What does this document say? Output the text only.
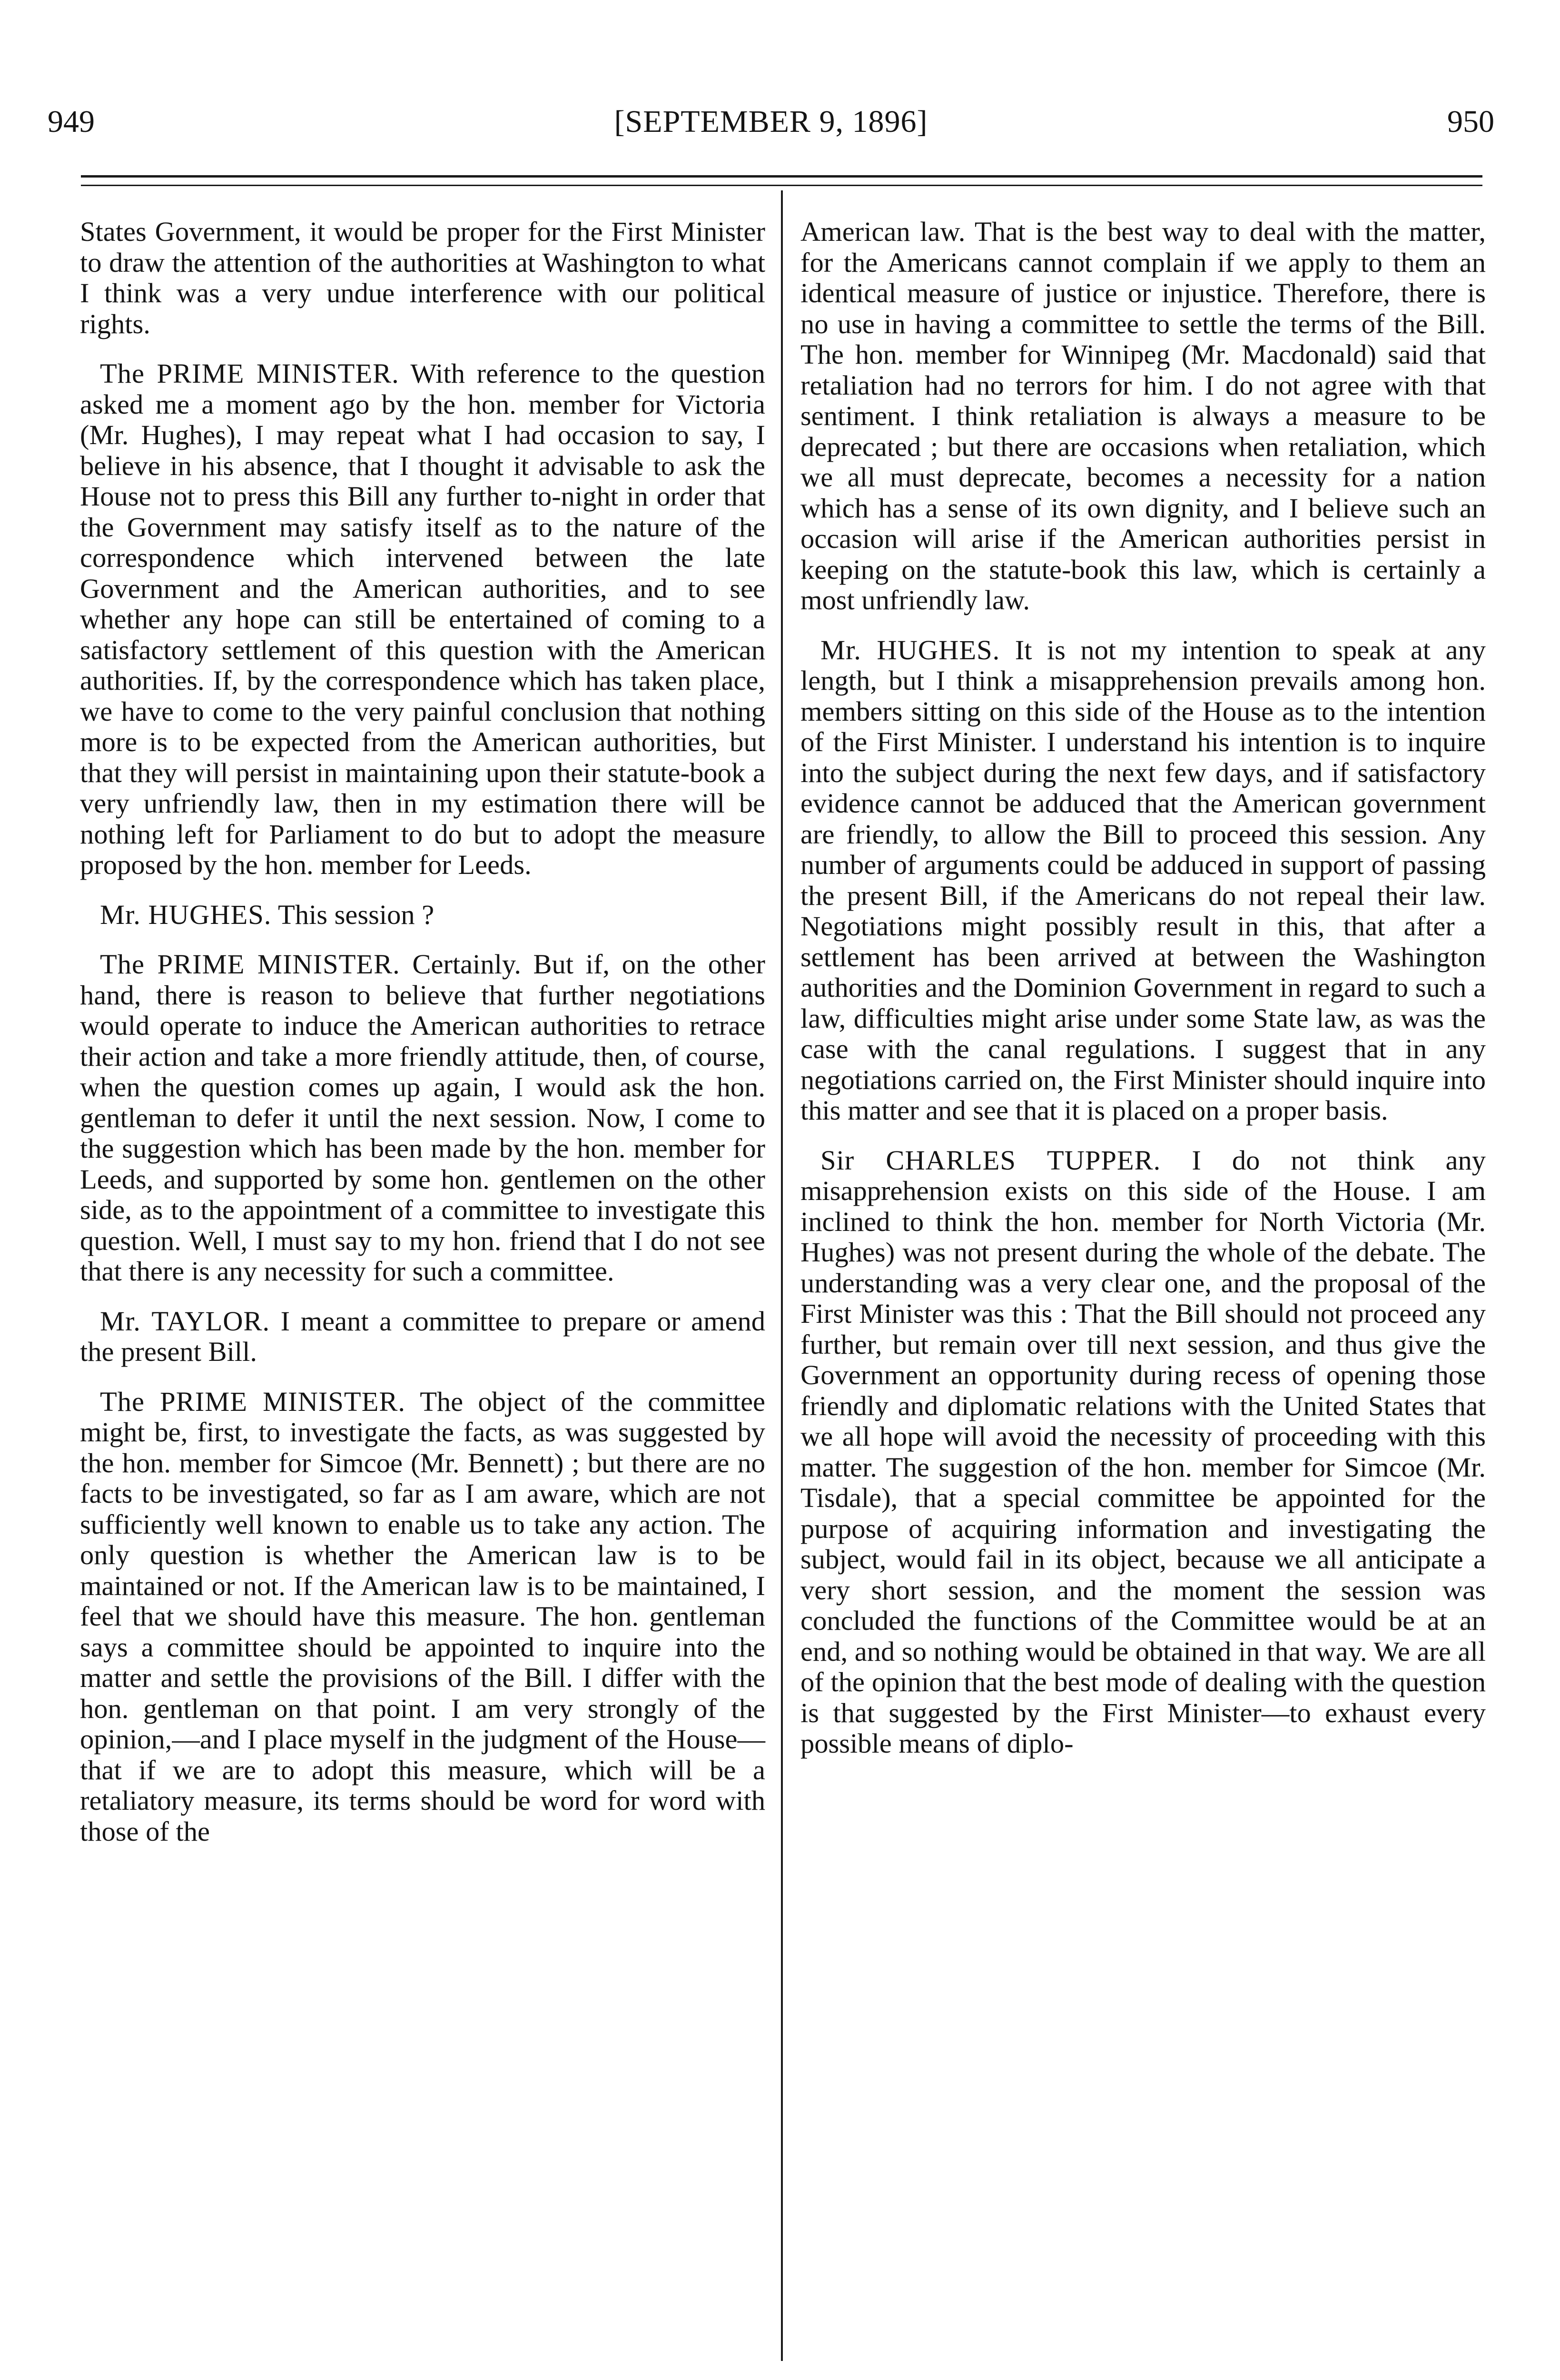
949	[SEPTEMBER 9, 1896]	950

States Government, it would be proper for the First Minister to draw the attention of the authorities at Washington to what I think was a very undue interference with our political rights.

The PRIME MINISTER. With reference to the question asked me a moment ago by the hon. member for Victoria (Mr. Hughes), I may repeat what I had occasion to say, I believe in his absence, that I thought it advisable to ask the House not to press this Bill any further to-night in order that the Government may satisfy itself as to the nature of the correspondence which intervened between the late Government and the American authorities, and to see whether any hope can still be entertained of coming to a satisfactory settlement of this question with the American authorities. If, by the correspondence which has taken place, we have to come to the very painful conclusion that nothing more is to be expected from the American authorities, but that they will persist in maintaining upon their statute-book a very unfriendly law, then in my estimation there will be nothing left for Parliament to do but to adopt the measure proposed by the hon. member for Leeds.

Mr. HUGHES. This session ?

The PRIME MINISTER. Certainly. But if, on the other hand, there is reason to believe that further negotiations would operate to induce the American authorities to retrace their action and take a more friendly attitude, then, of course, when the question comes up again, I would ask the hon. gentleman to defer it until the next session. Now, I come to the suggestion which has been made by the hon. member for Leeds, and supported by some hon. gentlemen on the other side, as to the appointment of a committee to investigate this question. Well, I must say to my hon. friend that I do not see that there is any necessity for such a committee.

Mr. TAYLOR. I meant a committee to prepare or amend the present Bill.

The PRIME MINISTER. The object of the committee might be, first, to investigate the facts, as was suggested by the hon. member for Simcoe (Mr. Bennett) ; but there are no facts to be investigated, so far as I am aware, which are not sufficiently well known to enable us to take any action. The only question is whether the American law is to be maintained or not. If the American law is to be maintained, I feel that we should have this measure. The hon. gentleman says a committee should be appointed to inquire into the matter and settle the provisions of the Bill. I differ with the hon. gentleman on that point. I am very strongly of the opinion,—and I place myself in the judgment of the House—that if we are to adopt this measure, which will be a retaliatory measure, its terms should be word for word with those of the

American law. That is the best way to deal with the matter, for the Americans cannot complain if we apply to them an identical measure of justice or injustice. Therefore, there is no use in having a committee to settle the terms of the Bill. The hon. member for Winnipeg (Mr. Macdonald) said that retaliation had no terrors for him. I do not agree with that sentiment. I think retaliation is always a measure to be deprecated ; but there are occasions when retaliation, which we all must deprecate, becomes a necessity for a nation which has a sense of its own dignity, and I believe such an occasion will arise if the American authorities persist in keeping on the statute-book this law, which is certainly a most unfriendly law.

Mr. HUGHES. It is not my intention to speak at any length, but I think a misapprehension prevails among hon. members sitting on this side of the House as to the intention of the First Minister. I understand his intention is to inquire into the subject during the next few days, and if satisfactory evidence cannot be adduced that the American government are friendly, to allow the Bill to proceed this session. Any number of arguments could be adduced in support of passing the present Bill, if the Americans do not repeal their law. Negotiations might possibly result in this, that after a settlement has been arrived at between the Washington authorities and the Dominion Government in regard to such a law, difficulties might arise under some State law, as was the case with the canal regulations. I suggest that in any negotiations carried on, the First Minister should inquire into this matter and see that it is placed on a proper basis.

Sir CHARLES TUPPER. I do not think any misapprehension exists on this side of the House. I am inclined to think the hon. member for North Victoria (Mr. Hughes) was not present during the whole of the debate. The understanding was a very clear one, and the proposal of the First Minister was this : That the Bill should not proceed any further, but remain over till next session, and thus give the Government an opportunity during recess of opening those friendly and diplomatic relations with the United States that we all hope will avoid the necessity of proceeding with this matter. The suggestion of the hon. member for Simcoe (Mr. Tisdale), that a special committee be appointed for the purpose of acquiring information and investigating the subject, would fail in its object, because we all anticipate a very short session, and the moment the session was concluded the functions of the Committee would be at an end, and so nothing would be obtained in that way. We are all of the opinion that the best mode of dealing with the question is that suggested by the First Minister—to exhaust every possible means of diplo-
